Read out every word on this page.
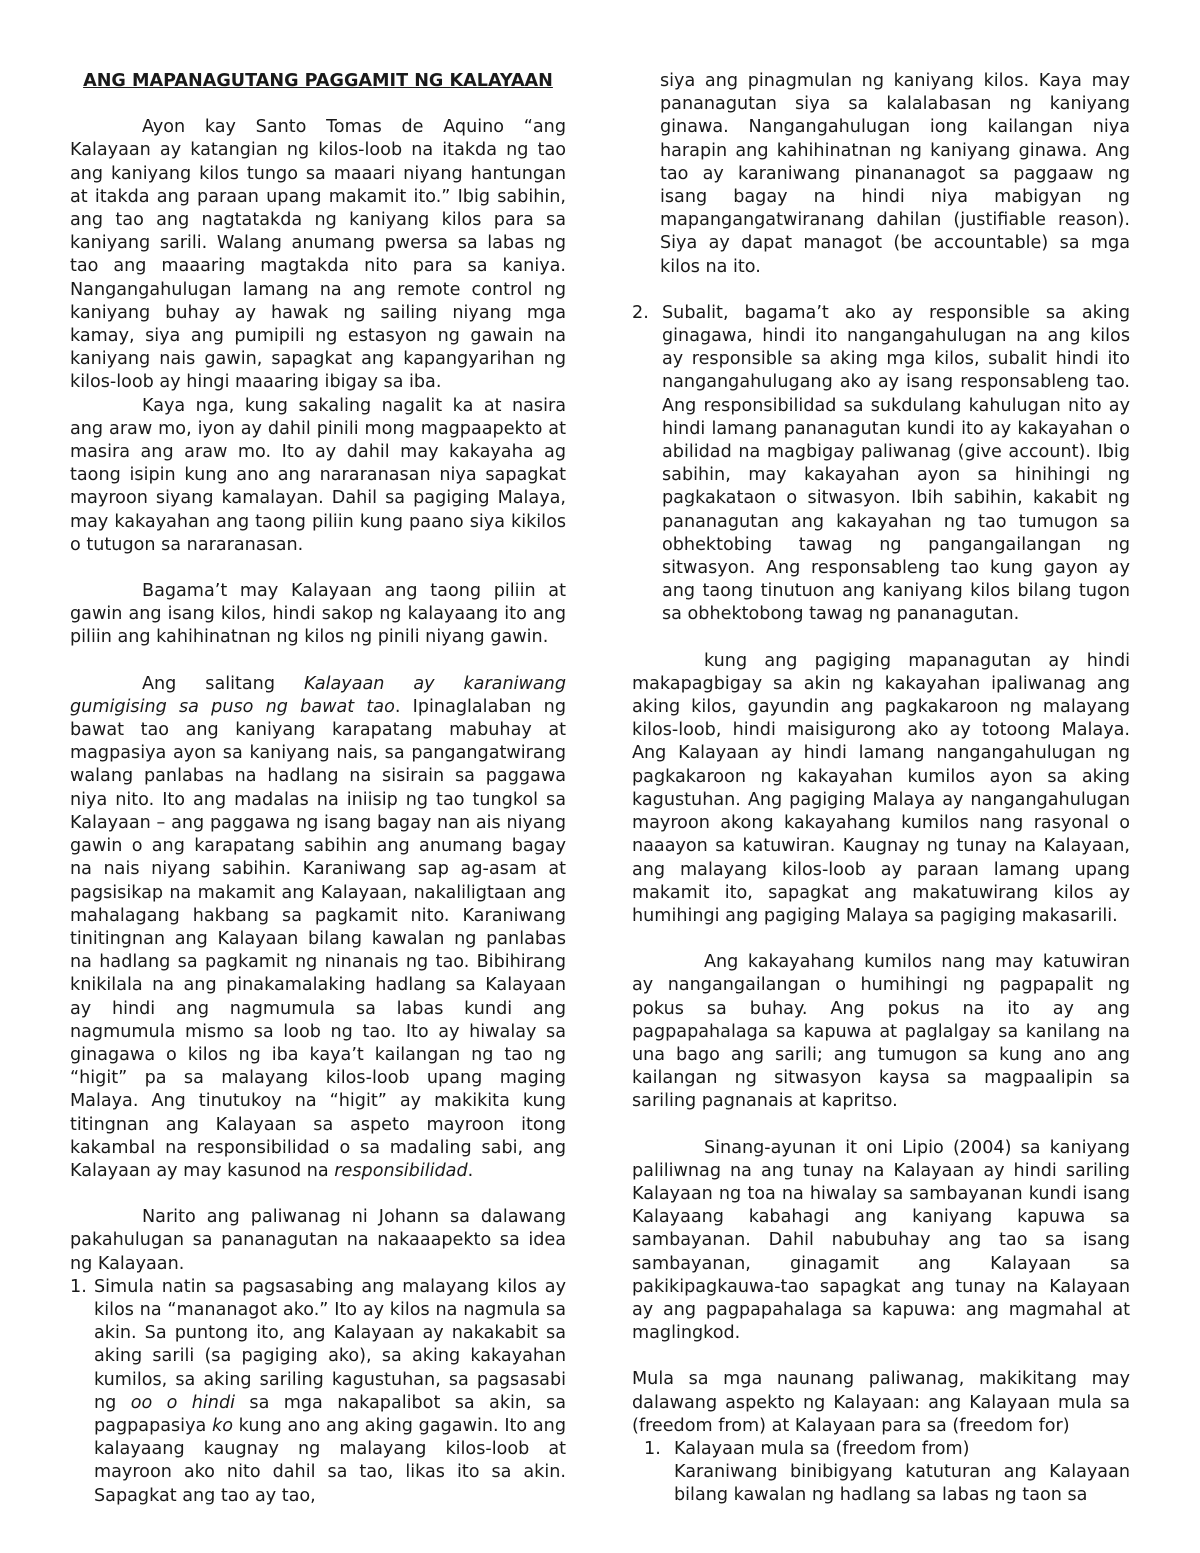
ANG MAPANAGUTANG PAGGAMIT NG KALAYAAN

Ayon kay Santo Tomas de Aquino “ang Kalayaan ay katangian ng kilos-loob na itakda ng tao ang kaniyang kilos tungo sa maaari niyang hantungan at itakda ang paraan upang makamit ito.” Ibig sabihin, ang tao ang nagtatakda ng kaniyang kilos para sa kaniyang sarili. Walang anumang pwersa sa labas ng tao ang maaaring magtakda nito para sa kaniya. Nangangahulugan lamang na ang remote control ng kaniyang buhay ay hawak ng sailing niyang mga kamay, siya ang pumipili ng estasyon ng gawain na kaniyang nais gawin, sapagkat ang kapangyarihan ng kilos-loob ay hingi maaaring ibigay sa iba.

Kaya nga, kung sakaling nagalit ka at nasira ang araw mo, iyon ay dahil pinili mong magpaapekto at masira ang araw mo. Ito ay dahil may kakayaha ag taong isipin kung ano ang nararanasan niya sapagkat mayroon siyang kamalayan. Dahil sa pagiging Malaya, may kakayahan ang taong piliin kung paano siya kikilos o tutugon sa nararanasan.

Bagama’t may Kalayaan ang taong piliin at gawin ang isang kilos, hindi sakop ng kalayaang ito ang piliin ang kahihinatnan ng kilos ng pinili niyang gawin.

Ang salitang Kalayaan ay karaniwang gumigising sa puso ng bawat tao. Ipinaglalaban ng bawat tao ang kaniyang karapatang mabuhay at magpasiya ayon sa kaniyang nais, sa pangangatwirang walang panlabas na hadlang na sisirain sa paggawa niya nito. Ito ang madalas na iniisip ng tao tungkol sa Kalayaan – ang paggawa ng isang bagay nan ais niyang gawin o ang karapatang sabihin ang anumang bagay na nais niyang sabihin. Karaniwang sap ag-asam at pagsisikap na makamit ang Kalayaan, nakaliligtaan ang mahalagang hakbang sa pagkamit nito. Karaniwang tinitingnan ang Kalayaan bilang kawalan ng panlabas na hadlang sa pagkamit ng ninanais ng tao. Bibihirang knikilala na ang pinakamalaking hadlang sa Kalayaan ay hindi ang nagmumula sa labas kundi ang nagmumula mismo sa loob ng tao. Ito ay hiwalay sa ginagawa o kilos ng iba kaya’t kailangan ng tao ng “higit” pa sa malayang kilos-loob upang maging Malaya. Ang tinutukoy na “higit” ay makikita kung titingnan ang Kalayaan sa aspeto mayroon itong kakambal na responsibilidad o sa madaling sabi, ang Kalayaan ay may kasunod na responsibilidad.

Narito ang paliwanag ni Johann sa dalawang pakahulugan sa pananagutan na nakaaapekto sa idea ng Kalayaan.

1. Simula natin sa pagsasabing ang malayang kilos ay kilos na “mananagot ako.” Ito ay kilos na nagmula sa akin. Sa puntong ito, ang Kalayaan ay nakakabit sa aking sarili (sa pagiging ako), sa aking kakayahan kumilos, sa aking sariling kagustuhan, sa pagsasabi ng oo o hindi sa mga nakapalibot sa akin, sa pagpapasiya ko kung ano ang aking gagawin. Ito ang kalayaang kaugnay ng malayang kilos-loob at mayroon ako nito dahil sa tao, likas ito sa akin. Sapagkat ang tao ay tao,

siya ang pinagmulan ng kaniyang kilos. Kaya may pananagutan siya sa kalalabasan ng kaniyang ginawa. Nangangahulugan iong kailangan niya harapin ang kahihinatnan ng kaniyang ginawa. Ang tao ay karaniwang pinananagot sa paggaaw ng isang bagay na hindi niya mabigyan ng mapangangatwiranang dahilan (justifiable reason). Siya ay dapat managot (be accountable) sa mga kilos na ito.

2. Subalit, bagama’t ako ay responsible sa aking ginagawa, hindi ito nangangahulugan na ang kilos ay responsible sa aking mga kilos, subalit hindi ito nangangahulugang ako ay isang responsableng tao. Ang responsibilidad sa sukdulang kahulugan nito ay hindi lamang pananagutan kundi ito ay kakayahan o abilidad na magbigay paliwanag (give account). Ibig sabihin, may kakayahan ayon sa hinihingi ng pagkakataon o sitwasyon. Ibih sabihin, kakabit ng pananagutan ang kakayahan ng tao tumugon sa obhektobing tawag ng pangangailangan ng sitwasyon. Ang responsableng tao kung gayon ay ang taong tinutuon ang kaniyang kilos bilang tugon sa obhektobong tawag ng pananagutan.

kung ang pagiging mapanagutan ay hindi makapagbigay sa akin ng kakayahan ipaliwanag ang aking kilos, gayundin ang pagkakaroon ng malayang kilos-loob, hindi maisigurong ako ay totoong Malaya. Ang Kalayaan ay hindi lamang nangangahulugan ng pagkakaroon ng kakayahan kumilos ayon sa aking kagustuhan. Ang pagiging Malaya ay nangangahulugan mayroon akong kakayahang kumilos nang rasyonal o naaayon sa katuwiran. Kaugnay ng tunay na Kalayaan, ang malayang kilos-loob ay paraan lamang upang makamit ito, sapagkat ang makatuwirang kilos ay humihingi ang pagiging Malaya sa pagiging makasarili.

Ang kakayahang kumilos nang may katuwiran ay nangangailangan o humihingi ng pagpapalit ng pokus sa buhay. Ang pokus na ito ay ang pagpapahalaga sa kapuwa at paglalgay sa kanilang na una bago ang sarili; ang tumugon sa kung ano ang kailangan ng sitwasyon kaysa sa magpaalipin sa sariling pagnanais at kapritso.

Sinang-ayunan it oni Lipio (2004) sa kaniyang paliliwnag na ang tunay na Kalayaan ay hindi sariling Kalayaan ng toa na hiwalay sa sambayanan kundi isang Kalayaang kabahagi ang kaniyang kapuwa sa sambayanan. Dahil nabubuhay ang tao sa isang sambayanan, ginagamit ang Kalayaan sa pakikipagkauwa-tao sapagkat ang tunay na Kalayaan ay ang pagpapahalaga sa kapuwa: ang magmahal at maglingkod.

Mula sa mga naunang paliwanag, makikitang may dalawang aspekto ng Kalayaan: ang Kalayaan mula sa (freedom from) at Kalayaan para sa (freedom for)

1. Kalayaan mula sa (freedom from)
Karaniwang binibigyang katuturan ang Kalayaan bilang kawalan ng hadlang sa labas ng taon sa
